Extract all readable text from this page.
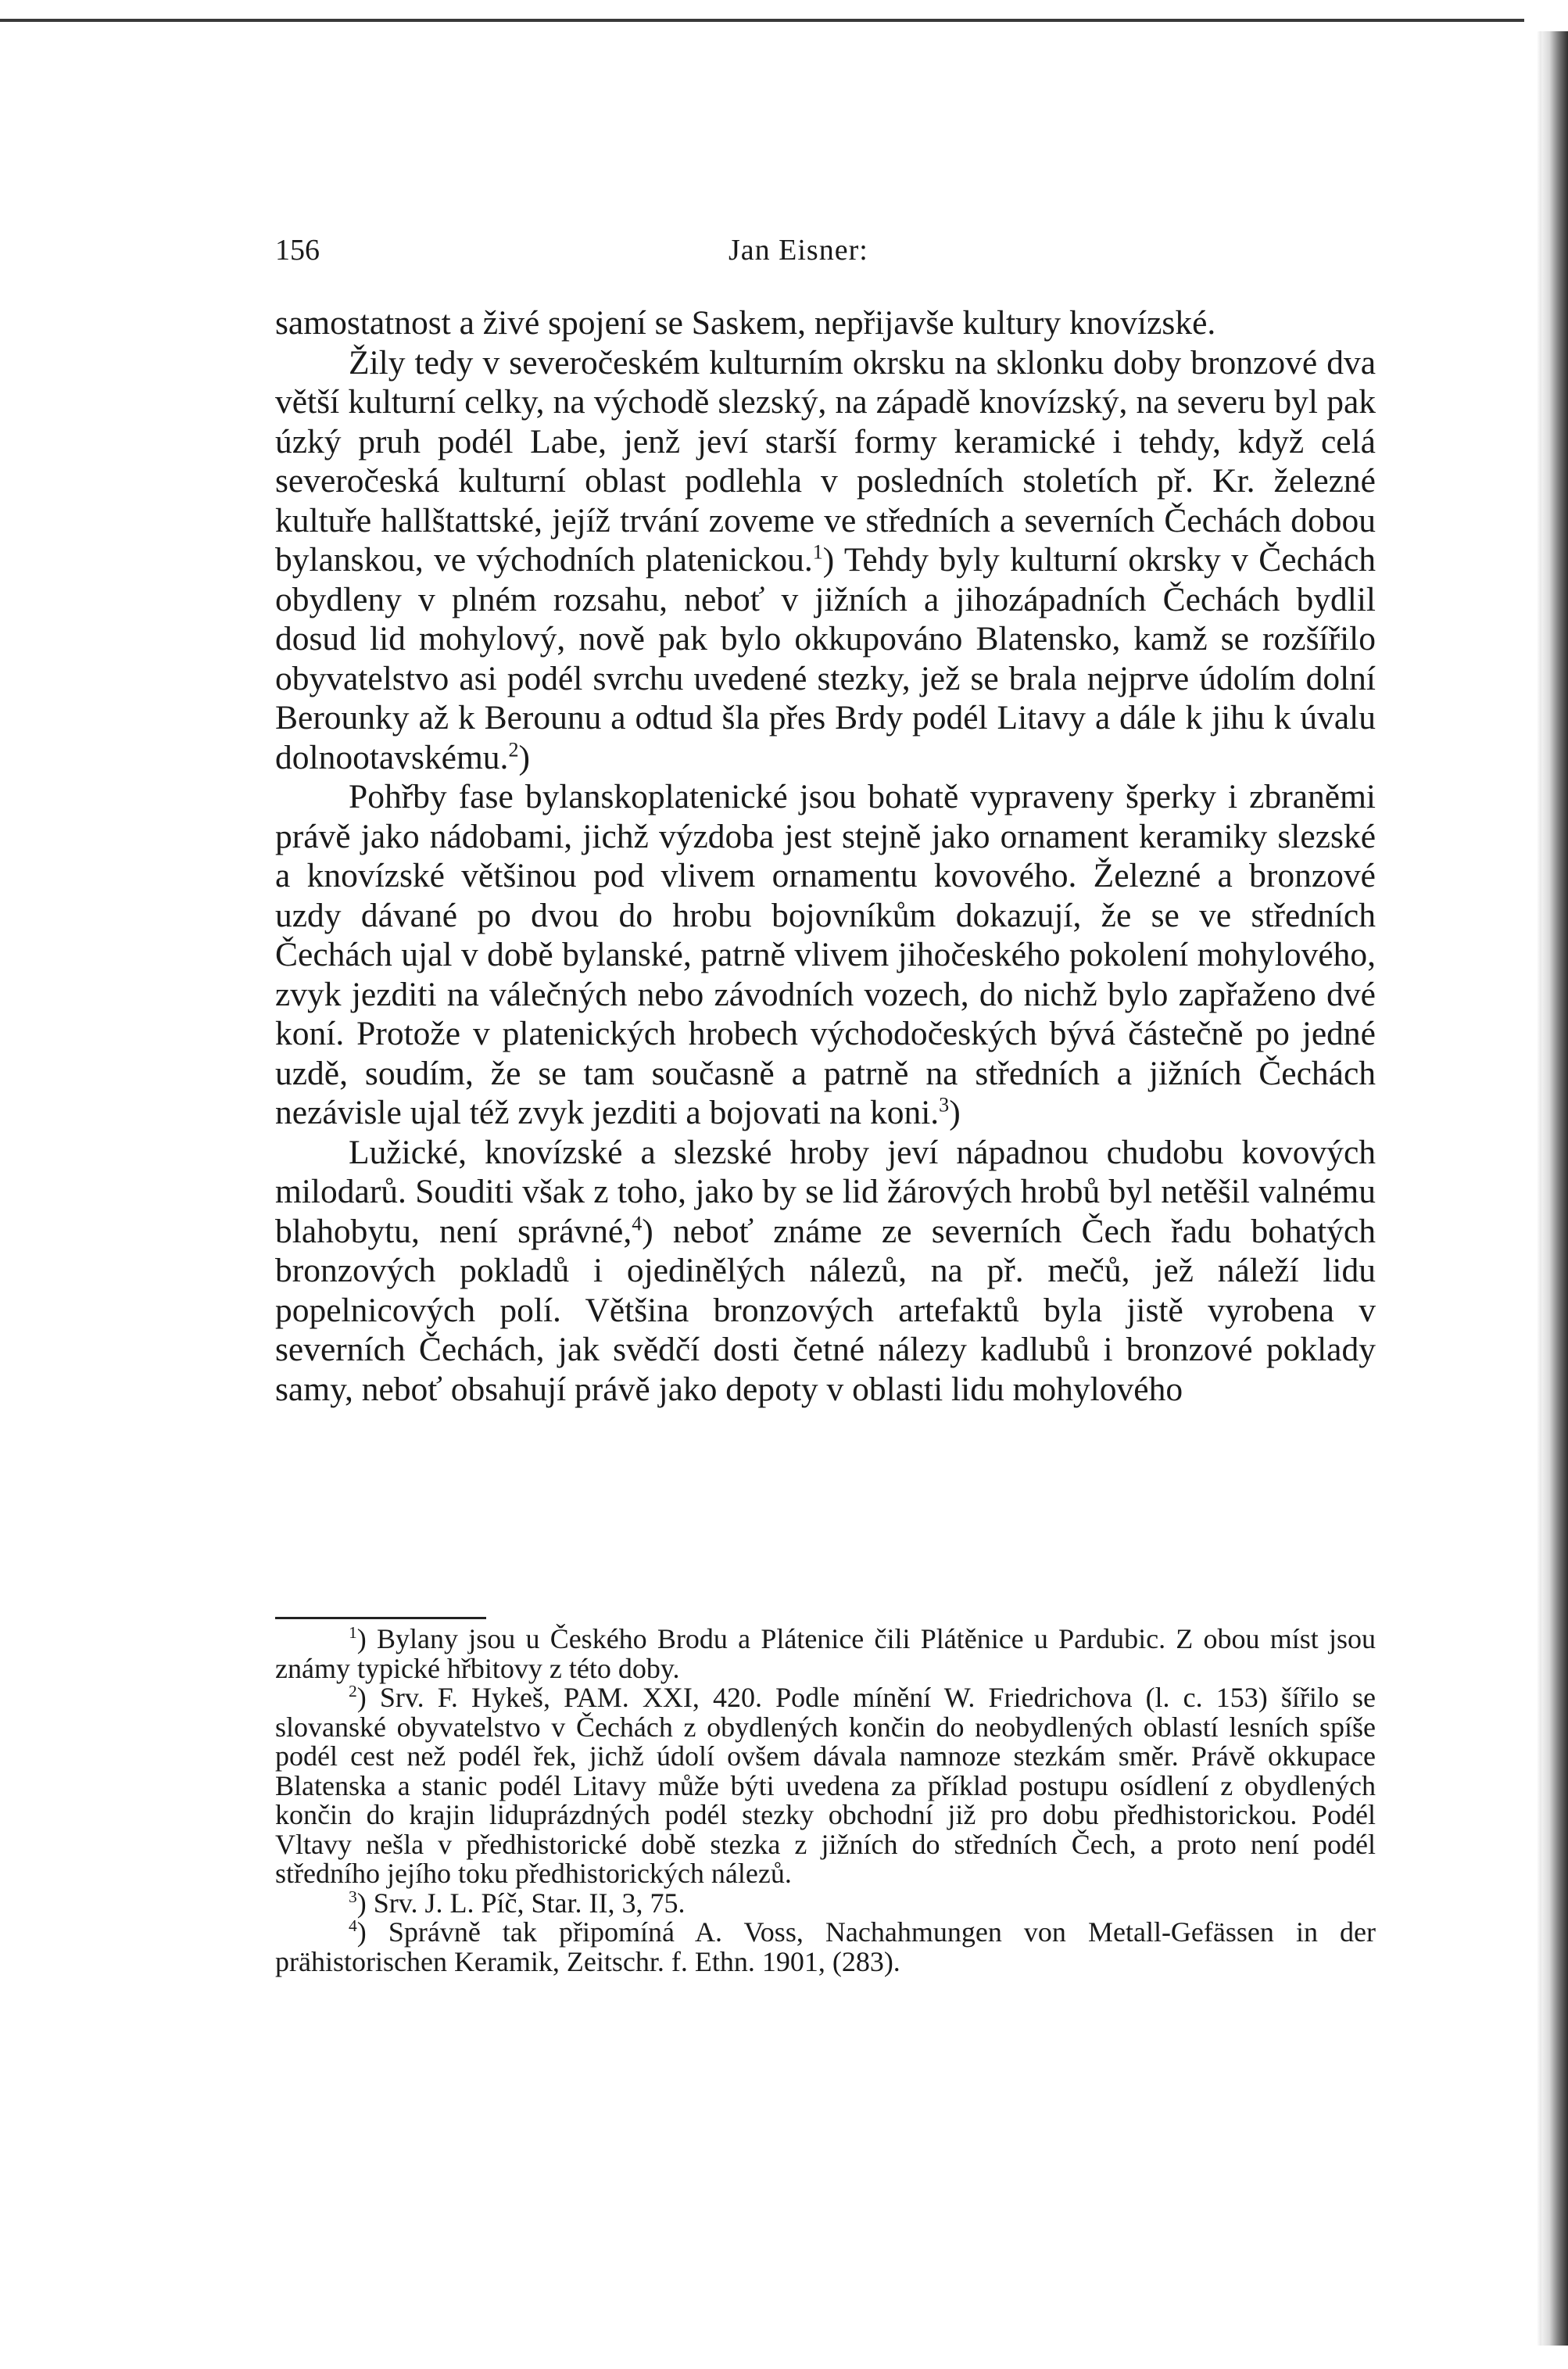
156	Jan Eisner:

samostatnost a živé spojení se Saskem, nepřijavše kultury knovízské.

Žily tedy v severočeském kulturním okrsku na sklonku doby bronzové dva větší kulturní celky, na východě slezský, na západě knovízský, na severu byl pak úzký pruh podél Labe, jenž jeví starší formy keramické i tehdy, když celá severočeská kulturní oblast podlehla v posledních stoletích př. Kr. železné kultuře hallštattské, jejíž trvání zoveme ve středních a severních Čechách dobou bylanskou, ve východních platenickou.$^1$) Tehdy byly kulturní okrsky v Čechách obydleny v plném rozsahu, neboť v jižních a jihozápadních Čechách bydlil dosud lid mohylový, nově pak bylo okkupováno Blatensko, kamž se rozšířilo obyvatelstvo asi podél svrchu uvedené stezky, jež se brala nejprve údolím dolní Berounky až k Berounu a odtud šla přes Brdy podél Litavy a dále k jihu k úvalu dolnootavskému.$^2$)

Pohřby fase bylanskoplatenické jsou bohatě vypraveny šperky i zbraněmi právě jako nádobami, jichž výzdoba jest stejně jako ornament keramiky slezské a knovízské většinou pod vlivem ornamentu kovového. Železné a bronzové uzdy dávané po dvou do hrobu bojovníkům dokazují, že se ve středních Čechách ujal v době bylanské, patrně vlivem jihočeského pokolení mohylového, zvyk jezditi na válečných nebo závodních vozech, do nichž bylo zapřaženo dvé koní. Protože v platenických hrobech východočeských bývá částečně po jedné uzdě, soudím, že se tam současně a patrně na středních a jižních Čechách nezávisle ujal též zvyk jezditi a bojovati na koni.$^3$)

Lužické, knovízské a slezské hroby jeví nápadnou chudobu kovových milodarů. Souditi však z toho, jako by se lid žárových hrobů byl netěšil valnému blahobytu, není správné,$^4$) neboť známe ze severních Čech řadu bohatých bronzových pokladů i ojedinělých nálezů, na př. mečů, jež náleží lidu popelnicových polí. Většina bronzových artefaktů byla jistě vyrobena v severních Čechách, jak svědčí dosti četné nálezy kadlubů i bronzové poklady samy, neboť obsahují právě jako depoty v oblasti lidu mohylového

$^1$) Bylany jsou u Českého Brodu a Plátenice čili Plátěnice u Pardubic. Z obou míst jsou známy typické hřbitovy z této doby.

$^2$) Srv. F. Hykeš, PAM. XXI, 420. Podle mínění W. Friedrichova (l. c. 153) šířilo se slovanské obyvatelstvo v Čechách z obydlených končin do neobydlených oblastí lesních spíše podél cest než podél řek, jichž údolí ovšem dávala namnoze stezkám směr. Právě okkupace Blatenska a stanic podél Litavy může býti uvedena za příklad postupu osídlení z obydlených končin do krajin liduprázdných podél stezky obchodní již pro dobu předhistorickou. Podél Vltavy nešla v předhistorické době stezka z jižních do středních Čech, a proto není podél středního jejího toku předhistorických nálezů.

$^3$) Srv. J. L. Píč, Star. II, 3, 75.

$^4$) Správně tak připomíná A. Voss, Nachahmungen von Metall-Gefässen in der prähistorischen Keramik, Zeitschr. f. Ethn. 1901, (283).
